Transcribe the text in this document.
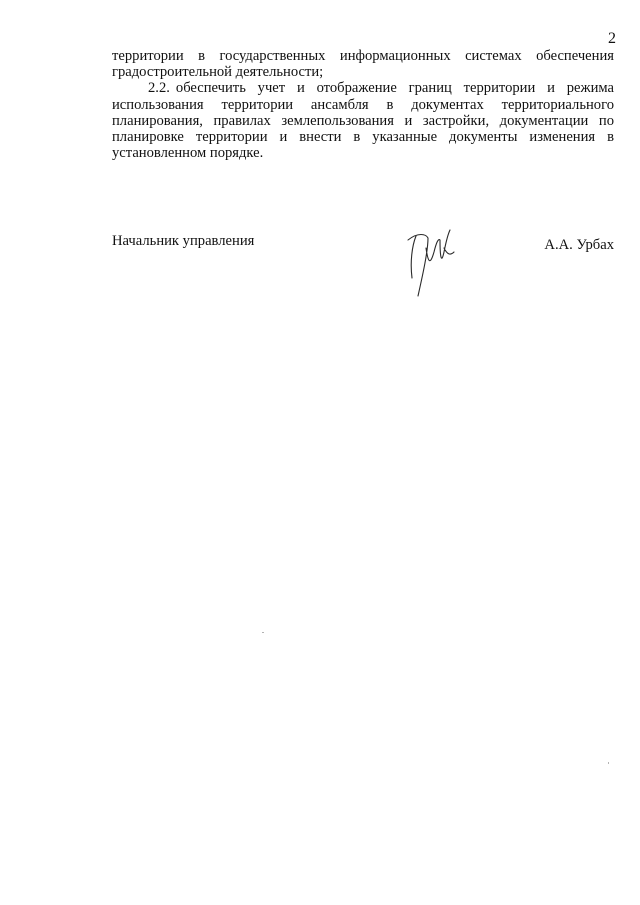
2

территории в государственных информационных системах обеспечения градостроительной деятельности;

2.2. обеспечить учет и отображение границ территории и режима использования территории ансамбля в документах территориального планирования, правилах землепользования и застройки, документации по планировке территории и внести в указанные документы изменения в установленном порядке.

Начальник управления	А.А. Урбах
